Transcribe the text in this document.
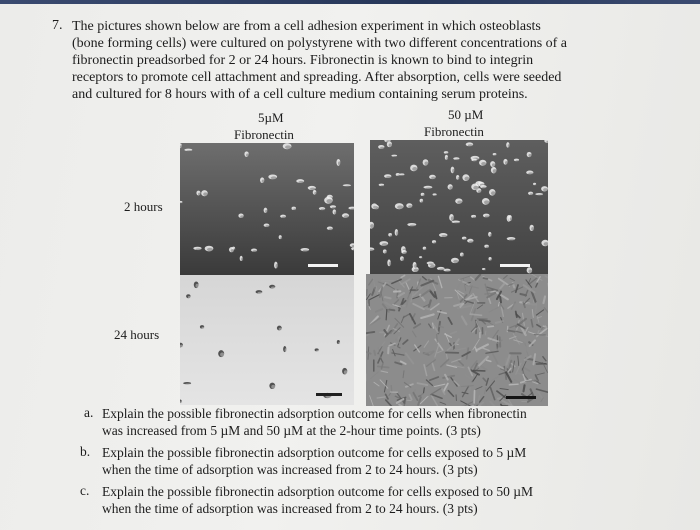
7. The pictures shown below are from a cell adhesion experiment in which osteoblasts
(bone forming cells) were cultured on polystyrene with two different concentrations of a
fibronectin preadsorbed for 2 or 24 hours. Fibronectin is known to bind to integrin
receptors to promote cell attachment and spreading. After absorption, cells were seeded
and cultured for 8 hours with of a cell culture medium containing serum proteins.
5µM
Fibronectin
50 µM
Fibronectin
2 hours
24 hours
a. Explain the possible fibronectin adsorption outcome for cells when fibronectin
was increased from 5 µM and 50 µM at the 2-hour time points. (3 pts)
b. Explain the possible fibronectin adsorption outcome for cells exposed to 5 µM
when the time of adsorption was increased from 2 to 24 hours. (3 pts)
c. Explain the possible fibronectin adsorption outcome for cells exposed to 50 µM
when the time of adsorption was increased from 2 to 24 hours. (3 pts)
